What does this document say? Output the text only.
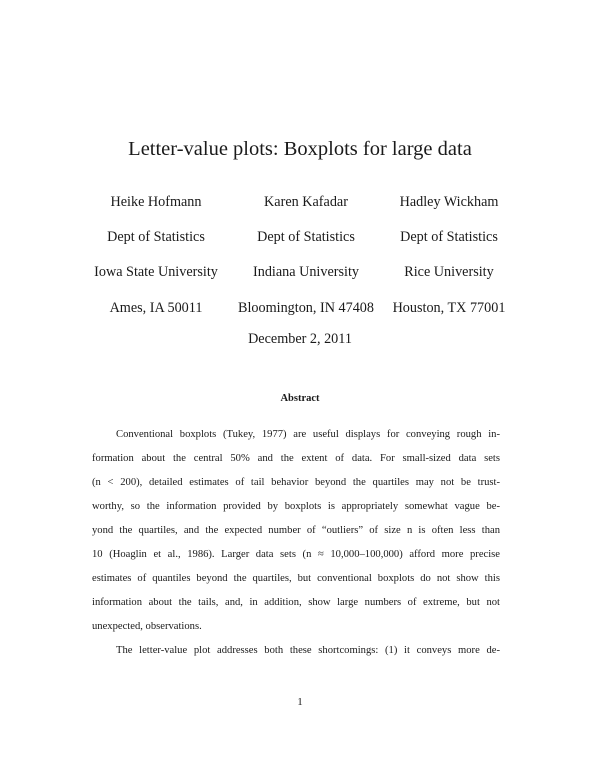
Letter-value plots: Boxplots for large data
Heike Hofmann
Dept of Statistics
Iowa State University
Ames, IA 50011
Karen Kafadar
Dept of Statistics
Indiana University
Bloomington, IN 47408
Hadley Wickham
Dept of Statistics
Rice University
Houston, TX 77001
December 2, 2011
Abstract
Conventional boxplots (Tukey, 1977) are useful displays for conveying rough in-
formation about the central 50% and the extent of data. For small-sized data sets
(n < 200), detailed estimates of tail behavior beyond the quartiles may not be trust-
worthy, so the information provided by boxplots is appropriately somewhat vague be-
yond the quartiles, and the expected number of “outliers” of size n is often less than
10 (Hoaglin et al., 1986). Larger data sets (n ≈ 10,000–100,000) afford more precise
estimates of quantiles beyond the quartiles, but conventional boxplots do not show this
information about the tails, and, in addition, show large numbers of extreme, but not
unexpected, observations.
The letter-value plot addresses both these shortcomings: (1) it conveys more de-
1
